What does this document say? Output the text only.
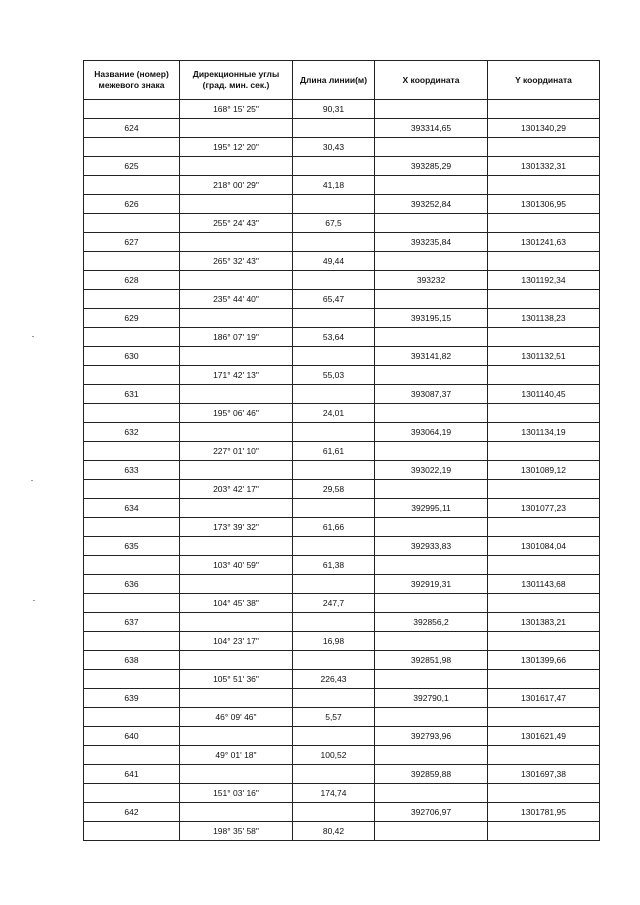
Название (номер) межевого знака	Дирекционные углы (град. мин. сек.)	Длина линии(м)	X координата	Y координата
	168° 15' 25"	90,31		
624			393314,65	1301340,29
	195° 12' 20"	30,43		
625			393285,29	1301332,31
	218° 00' 29"	41,18		
626			393252,84	1301306,95
	255° 24' 43"	67,5		
627			393235,84	1301241,63
	265° 32' 43"	49,44		
628			393232	1301192,34
	235° 44' 40"	65,47		
629			393195,15	1301138,23
	186° 07' 19"	53,64		
630			393141,82	1301132,51
	171° 42' 13"	55,03		
631			393087,37	1301140,45
	195° 06' 46"	24,01		
632			393064,19	1301134,19
	227° 01' 10"	61,61		
633			393022,19	1301089,12
	203° 42' 17"	29,58		
634			392995,11	1301077,23
	173° 39' 32"	61,66		
635			392933,83	1301084,04
	103° 40' 59"	61,38		
636			392919,31	1301143,68
	104° 45' 38"	247,7		
637			392856,2	1301383,21
	104° 23' 17"	16,98		
638			392851,98	1301399,66
	105° 51' 36"	226,43		
639			392790,1	1301617,47
	46° 09' 46"	5,57		
640			392793,96	1301621,49
	49° 01' 18"	100,52		
641			392859,88	1301697,38
	151° 03' 16"	174,74		
642			392706,97	1301781,95
	198° 35' 58"	80,42		
